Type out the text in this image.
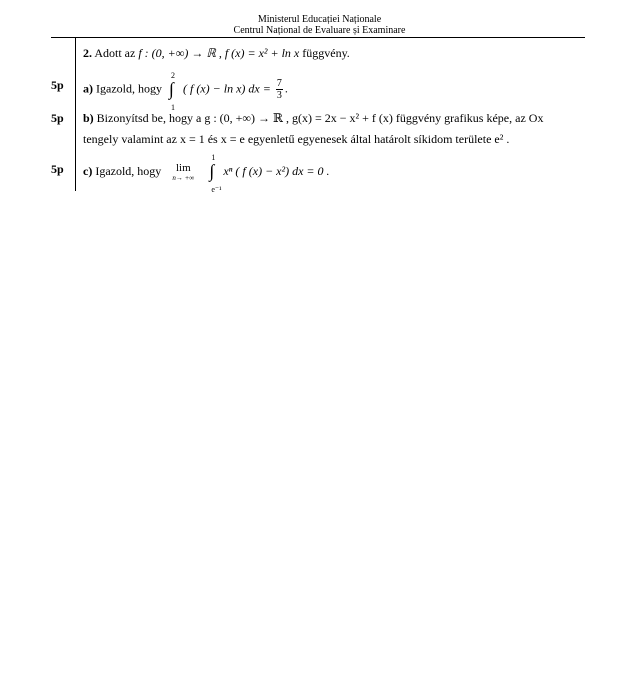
Ministerul Educației Naționale
Centrul Național de Evaluare și Examinare
2. Adott az f : (0, +∞) → ℝ , f (x) = x² + ln x függvény.
5p a) Igazold, hogy ∫
2
1
( f (x) − ln x) dx = $\frac{7}{3}$ .
5p b) Bizonyítsd be, hogy a g : (0, +∞) → ℝ , g(x) = 2x − x² + f (x) függvény grafikus képe, az Ox
tengely valamint az x = 1 és x = e egyenletű egyenesek által határolt síkidom területe e² .
5p c) Igazold, hogy	lim
n→ +∞
∫
1
e⁻¹
xⁿ ( f (x) − x²) dx = 0 .
